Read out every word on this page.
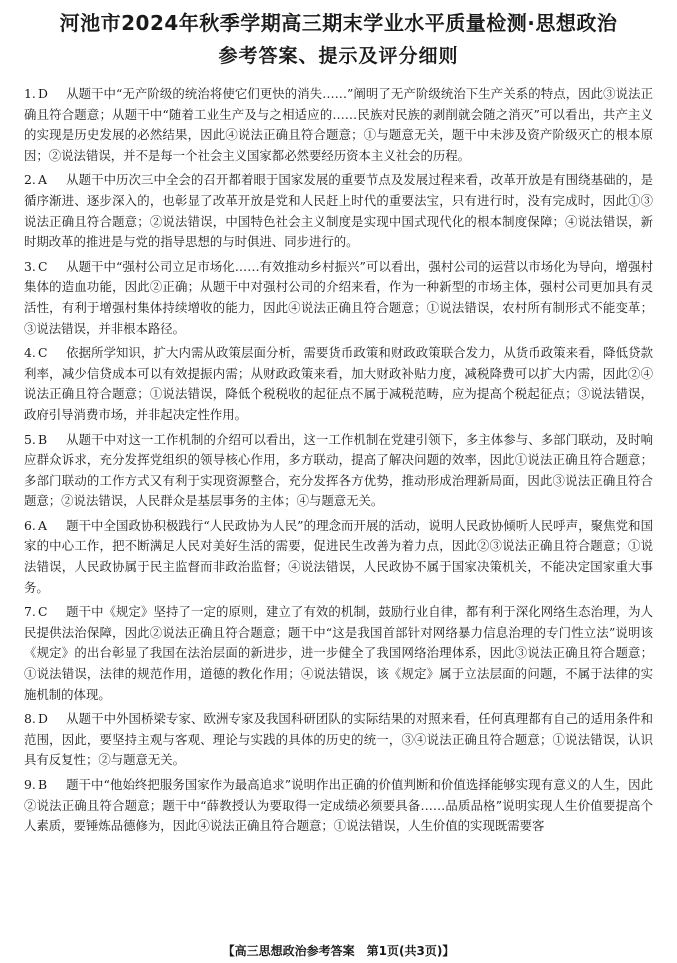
河池市2024年秋季学期高三期末学业水平质量检测·思想政治
参考答案、提示及评分细则
1. D 从题干中“无产阶级的统治将使它们更快的消失……”阐明了无产阶级统治下生产关系的特点，因此③说法正确且符合题意；从题干中“随着工业生产及与之相适应的……民族对民族的剥削就会随之消灭”可以看出，共产主义的实现是历史发展的必然结果，因此④说法正确且符合题意；①与题意无关，题干中未涉及资产阶级灭亡的根本原因；②说法错误，并不是每一个社会主义国家都必然要经历资本主义社会的历程。
2. A 从题干中历次三中全会的召开都着眼于国家发展的重要节点及发展过程来看，改革开放是有围绕基础的，是循序渐进、逐步深入的，也彰显了改革开放是党和人民赶上时代的重要法宝，只有进行时，没有完成时，因此①③说法正确且符合题意；②说法错误，中国特色社会主义制度是实现中国式现代化的根本制度保障；④说法错误，新时期改革的推进是与党的指导思想的与时俱进、同步进行的。
3. C 从题干中“强村公司立足市场化……有效推动乡村振兴”可以看出，强村公司的运营以市场化为导向，增强村集体的造血功能，因此②正确；从题干中对强村公司的介绍来看，作为一种新型的市场主体，强村公司更加具有灵活性，有利于增强村集体持续增收的能力，因此④说法正确且符合题意；①说法错误，农村所有制形式不能变革；③说法错误，并非根本路径。
4. C 依据所学知识，扩大内需从政策层面分析，需要货币政策和财政政策联合发力，从货币政策来看，降低贷款利率，减少信贷成本可以有效提振内需；从财政政策来看，加大财政补贴力度，减税降费可以扩大内需，因此②④说法正确且符合题意；①说法错误，降低个税税收的起征点不属于减税范畴，应为提高个税起征点；③说法错误，政府引导消费市场，并非起决定性作用。
5. B 从题干中对这一工作机制的介绍可以看出，这一工作机制在党建引领下，多主体参与、多部门联动，及时响应群众诉求，充分发挥党组织的领导核心作用，多方联动，提高了解决问题的效率，因此①说法正确且符合题意；多部门联动的工作方式又有利于实现资源整合，充分发挥各方优势，推动形成治理新局面，因此③说法正确且符合题意；②说法错误，人民群众是基层事务的主体；④与题意无关。
6. A 题干中全国政协积极践行“人民政协为人民”的理念而开展的活动，说明人民政协倾听人民呼声，聚焦党和国家的中心工作，把不断满足人民对美好生活的需要，促进民生改善为着力点，因此②③说法正确且符合题意；①说法错误，人民政协属于民主监督而非政治监督；④说法错误，人民政协不属于国家决策机关，不能决定国家重大事务。
7. C 题干中《规定》坚持了一定的原则，建立了有效的机制，鼓励行业自律，都有利于深化网络生态治理，为人民提供法治保障，因此②说法正确且符合题意；题干中“这是我国首部针对网络暴力信息治理的专门性立法”说明该《规定》的出台彰显了我国在法治层面的新进步，进一步健全了我国网络治理体系，因此③说法正确且符合题意；①说法错误，法律的规范作用，道德的教化作用；④说法错误，该《规定》属于立法层面的问题，不属于法律的实施机制的体现。
8. D 从题干中外国桥梁专家、欧洲专家及我国科研团队的实际结果的对照来看，任何真理都有自己的适用条件和范围，因此，要坚持主观与客观、理论与实践的具体的历史的统一，③④说法正确且符合题意；①说法错误，认识具有反复性；②与题意无关。
9. B 题干中“他始终把服务国家作为最高追求”说明作出正确的价值判断和价值选择能够实现有意义的人生，因此②说法正确且符合题意；题干中“薛教授认为要取得一定成绩必须要具备……品质品格”说明实现人生价值要提高个人素质，要锤炼品德修为，因此④说法正确且符合题意；①说法错误，人生价值的实现既需要客
【高三思想政治参考答案　第1页(共3页)】
